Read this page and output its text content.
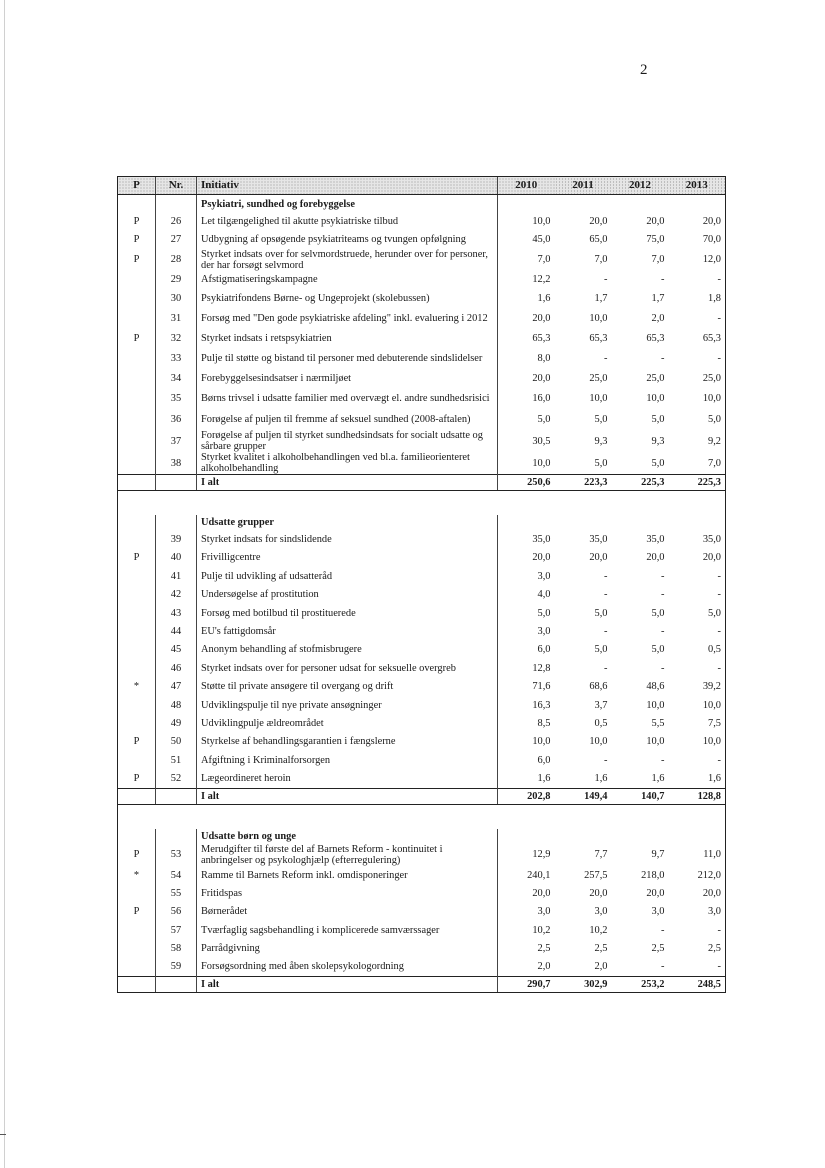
2
P	Nr.	Initiativ	2010	2011	2012	2013
		Psykiatri, sundhed og forebyggelse				
P	26	Let tilgængelighed til akutte psykiatriske tilbud	10,0	20,0	20,0	20,0
P	27	Udbygning af opsøgende psykiatriteams og tvungen opfølgning	45,0	65,0	75,0	70,0
P	28	Styrket indsats over for selvmordstruede, herunder over for personer, der har forsøgt selvmord	7,0	7,0	7,0	12,0
	29	Afstigmatiseringskampagne	12,2	-	-	-
	30	Psykiatrifondens Børne- og Ungeprojekt (skolebussen)	1,6	1,7	1,7	1,8
	31	Forsøg med "Den gode psykiatriske afdeling" inkl. evaluering i 2012	20,0	10,0	2,0	-
P	32	Styrket indsats i retspsykiatrien	65,3	65,3	65,3	65,3
	33	Pulje til støtte og bistand til personer med debuterende sindslidelser	8,0	-	-	-
	34	Forebyggelsesindsatser i nærmiljøet	20,0	25,0	25,0	25,0
	35	Børns trivsel i udsatte familier med overvægt el. andre sundhedsrisici	16,0	10,0	10,0	10,0
	36	Forøgelse af puljen til fremme af seksuel sundhed (2008-aftalen)	5,0	5,0	5,0	5,0
	37	Forøgelse af puljen til styrket sundhedsindsats for socialt udsatte og sårbare grupper	30,5	9,3	9,3	9,2
	38	Styrket kvalitet i alkoholbehandlingen ved bl.a. familieorienteret alkoholbehandling	10,0	5,0	5,0	7,0
		I alt	250,6	223,3	225,3	225,3

		Udsatte grupper				
	39	Styrket indsats for sindslidende	35,0	35,0	35,0	35,0
P	40	Frivilligcentre	20,0	20,0	20,0	20,0
	41	Pulje til udvikling af udsatteråd	3,0	-	-	-
	42	Undersøgelse af prostitution	4,0	-	-	-
	43	Forsøg med botilbud til prostituerede	5,0	5,0	5,0	5,0
	44	EU's fattigdomsår	3,0	-	-	-
	45	Anonym behandling af stofmisbrugere	6,0	5,0	5,0	0,5
	46	Styrket indsats over for personer udsat for seksuelle overgreb	12,8	-	-	-
*	47	Støtte til private ansøgere til overgang og drift	71,6	68,6	48,6	39,2
	48	Udviklingspulje til nye private ansøgninger	16,3	3,7	10,0	10,0
	49	Udviklingpulje ældreområdet	8,5	0,5	5,5	7,5
P	50	Styrkelse af behandlingsgarantien i fængslerne	10,0	10,0	10,0	10,0
	51	Afgiftning i Kriminalforsorgen	6,0	-	-	-
P	52	Lægeordineret heroin	1,6	1,6	1,6	1,6
		I alt	202,8	149,4	140,7	128,8

		Udsatte børn og unge				
P	53	Merudgifter til første del af Barnets Reform - kontinuitet i anbringelser og psykologhjælp (efterregulering)	12,9	7,7	9,7	11,0
*	54	Ramme til Barnets Reform inkl. omdisponeringer	240,1	257,5	218,0	212,0
	55	Fritidspas	20,0	20,0	20,0	20,0
P	56	Børnerådet	3,0	3,0	3,0	3,0
	57	Tværfaglig sagsbehandling i komplicerede samværssager	10,2	10,2	-	-
	58	Parrådgivning	2,5	2,5	2,5	2,5
	59	Forsøgsordning med åben skolepsykologordning	2,0	2,0	-	-
		I alt	290,7	302,9	253,2	248,5
